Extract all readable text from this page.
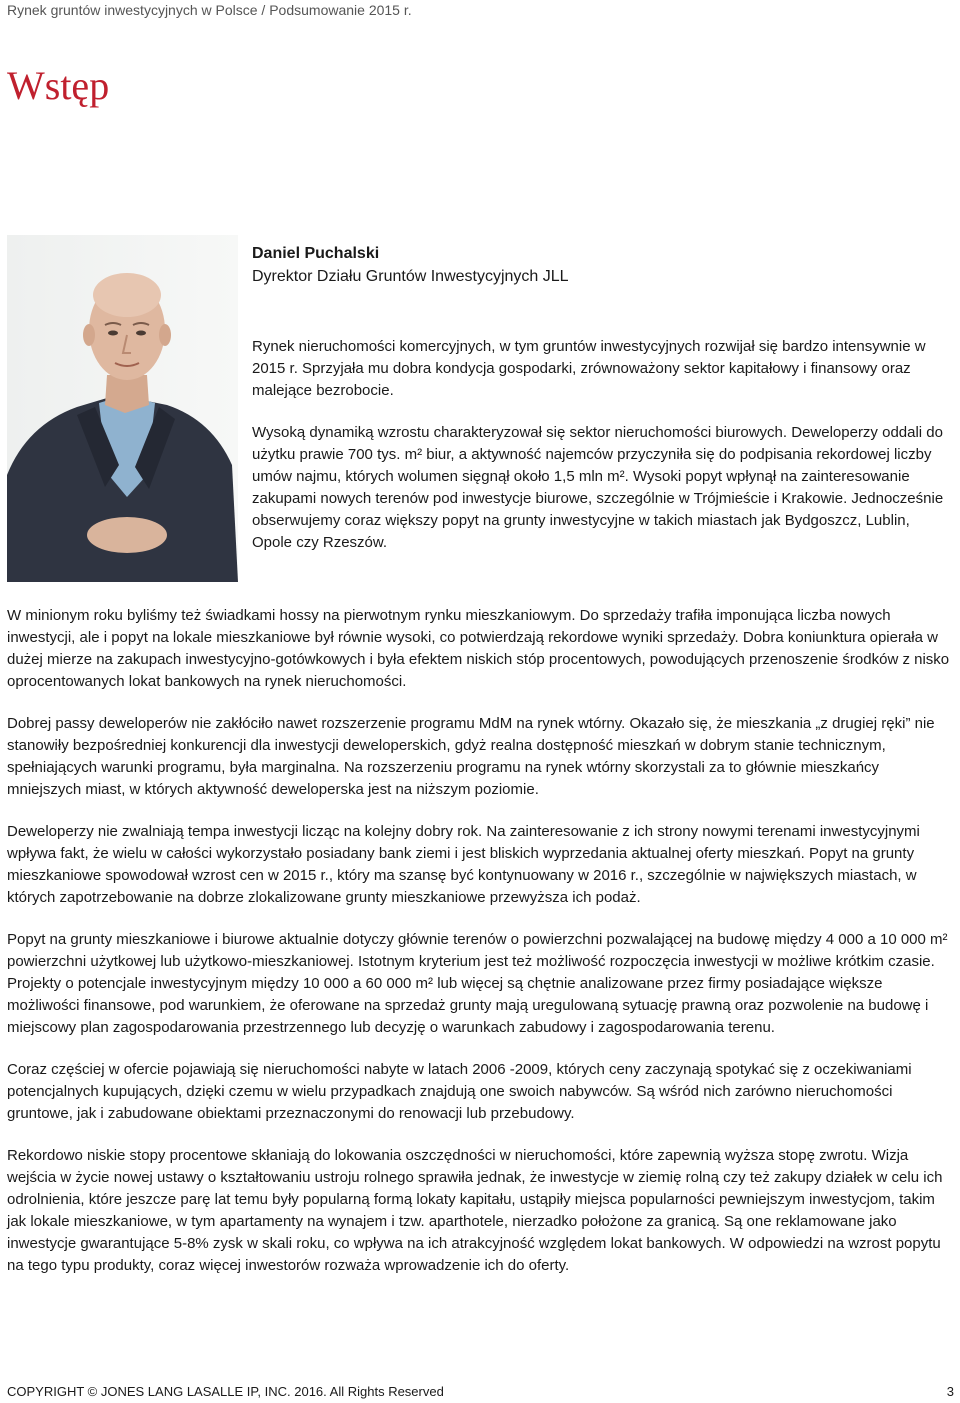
Rynek gruntów inwestycyjnych w Polsce / Podsumowanie 2015 r.
Wstęp
Daniel Puchalski
Dyrektor Działu Gruntów Inwestycyjnych JLL

Rynek nieruchomości komercyjnych, w tym gruntów inwestycyjnych rozwijał się bardzo intensywnie w 2015 r. Sprzyjała mu dobra kondycja gospodarki, zrównoważony sektor kapitałowy i finansowy oraz malejące bezrobocie.

Wysoką dynamiką wzrostu charakteryzował się sektor nieruchomości biurowych. Deweloperzy oddali do użytku prawie 700 tys. m² biur, a aktywność najemców przyczyniła się do podpisania rekordowej liczby umów najmu, których wolumen sięgnął około 1,5 mln m². Wysoki popyt wpłynął na zainteresowanie zakupami nowych terenów pod inwestycje biurowe, szczególnie w Trójmieście i Krakowie. Jednocześnie obserwujemy coraz większy popyt na grunty inwestycyjne w takich miastach jak Bydgoszcz, Lublin, Opole czy Rzeszów.

W minionym roku byliśmy też świadkami hossy na pierwotnym rynku mieszkaniowym. Do sprzedaży trafiła imponująca liczba nowych inwestycji, ale i popyt na lokale mieszkaniowe był równie wysoki, co potwierdzają rekordowe wyniki sprzedaży. Dobra koniunktura opierała w dużej mierze na zakupach inwestycyjno-gotówkowych i była efektem niskich stóp procentowych, powodujących przenoszenie środków z nisko oprocentowanych lokat bankowych na rynek nieruchomości.

Dobrej passy deweloperów nie zakłóciło nawet rozszerzenie programu MdM na rynek wtórny. Okazało się, że mieszkania „z drugiej ręki” nie stanowiły bezpośredniej konkurencji dla inwestycji deweloperskich, gdyż realna dostępność mieszkań w dobrym stanie technicznym, spełniających warunki programu, była marginalna. Na rozszerzeniu programu na rynek wtórny skorzystali za to głównie mieszkańcy mniejszych miast, w których aktywność deweloperska jest na niższym poziomie.

Deweloperzy nie zwalniają tempa inwestycji licząc na kolejny dobry rok. Na zainteresowanie z ich strony nowymi terenami inwestycyjnymi wpływa fakt, że wielu w całości wykorzystało posiadany bank ziemi i jest bliskich wyprzedania aktualnej oferty mieszkań. Popyt na grunty mieszkaniowe spowodował wzrost cen w 2015 r., który ma szansę być kontynuowany w 2016 r., szczególnie w największych miastach, w których zapotrzebowanie na dobrze zlokalizowane grunty mieszkaniowe przewyższa ich podaż.

Popyt na grunty mieszkaniowe i biurowe aktualnie dotyczy głównie terenów o powierzchni pozwalającej na budowę między 4 000 a 10 000 m² powierzchni użytkowej lub użytkowo-mieszkaniowej. Istotnym kryterium jest też możliwość rozpoczęcia inwestycji w możliwe krótkim czasie. Projekty o potencjale inwestycyjnym między 10 000 a 60 000 m² lub więcej są chętnie analizowane przez firmy posiadające większe możliwości finansowe, pod warunkiem, że oferowane na sprzedaż grunty mają uregulowaną sytuację prawną oraz pozwolenie na budowę i miejscowy plan zagospodarowania przestrzennego lub decyzję o warunkach zabudowy i zagospodarowania terenu.

Coraz częściej w ofercie pojawiają się nieruchomości nabyte w latach 2006 -2009, których ceny zaczynają spotykać się z oczekiwaniami potencjalnych kupujących, dzięki czemu w wielu przypadkach znajdują one swoich nabywców. Są wśród nich zarówno nieruchomości gruntowe, jak i zabudowane obiektami przeznaczonymi do renowacji lub przebudowy.

Rekordowo niskie stopy procentowe skłaniają do lokowania oszczędności w nieruchomości, które zapewnią wyższa stopę zwrotu. Wizja wejścia w życie nowej ustawy o kształtowaniu ustroju rolnego sprawiła jednak, że inwestycje w ziemię rolną czy też zakupy działek w celu ich odrolnienia, które jeszcze parę lat temu były popularną formą lokaty kapitału, ustąpiły miejsca popularności pewniejszym inwestycjom, takim jak lokale mieszkaniowe, w tym apartamenty na wynajem i tzw. aparthotele, nierzadko położone za granicą. Są one reklamowane jako inwestycje gwarantujące 5-8% zysk w skali roku, co wpływa na ich atrakcyjność względem lokat bankowych. W odpowiedzi na wzrost popytu na tego typu produkty, coraz więcej inwestorów rozważa wprowadzenie ich do oferty.

COPYRIGHT © JONES LANG LASALLE IP, INC. 2016. All Rights Reserved	3
